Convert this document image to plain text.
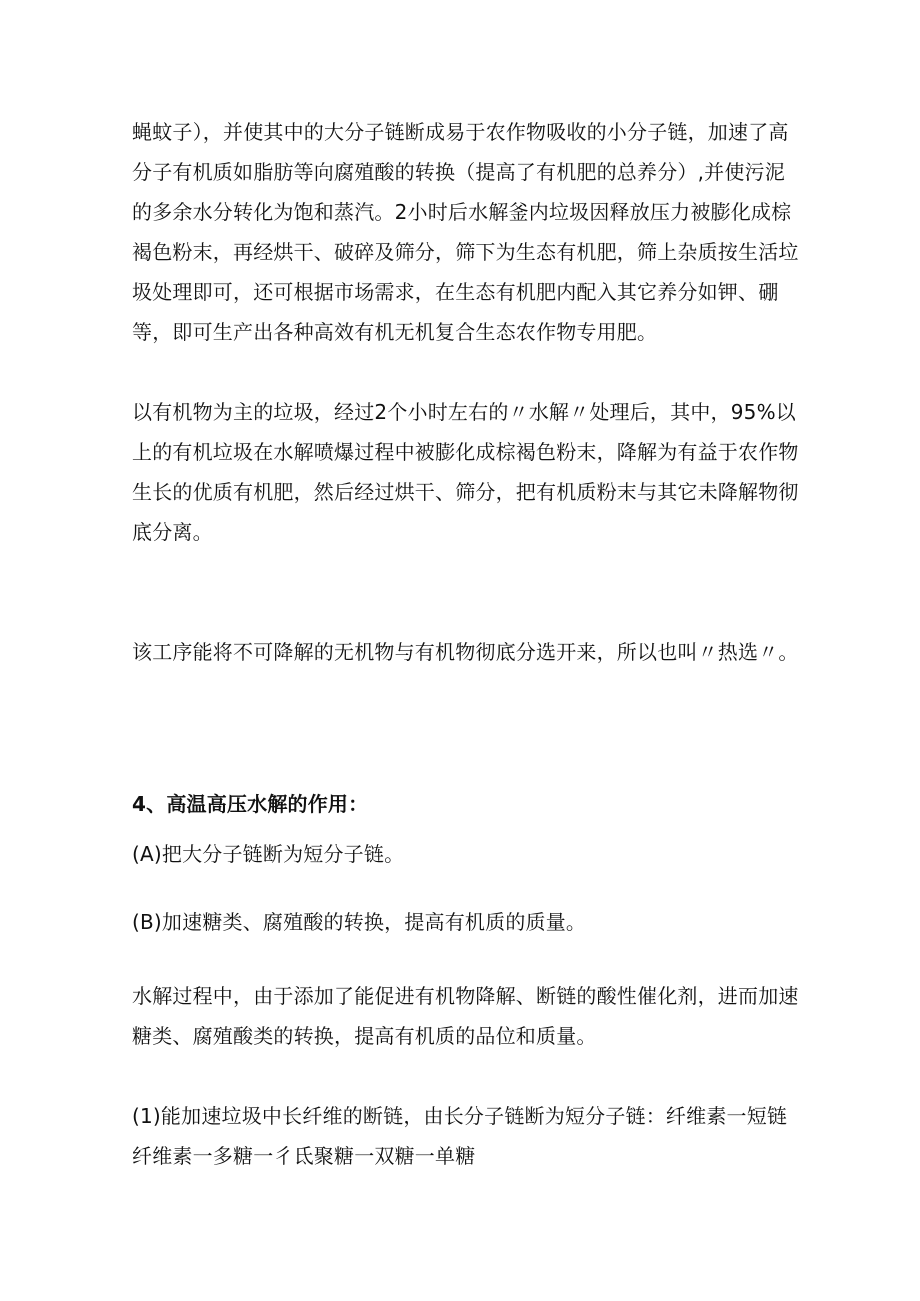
蝇蚊子），并使其中的大分子链断成易于农作物吸收的小分子链，加速了高分子有机质如脂肪等向腐殖酸的转换（提高了有机肥的总养分）,并使污泥的多余水分转化为饱和蒸汽。2小时后水解釜内垃圾因释放压力被膨化成棕褐色粉末，再经烘干、破碎及筛分，筛下为生态有机肥，筛上杂质按生活垃圾处理即可，还可根据市场需求，在生态有机肥内配入其它养分如钾、硼等，即可生产出各种高效有机无机复合生态农作物专用肥。

以有机物为主的垃圾，经过2个小时左右的〃水解〃处理后，其中，95%以上的有机垃圾在水解喷爆过程中被膨化成棕褐色粉末，降解为有益于农作物生长的优质有机肥，然后经过烘干、筛分，把有机质粉末与其它未降解物彻底分离。

该工序能将不可降解的无机物与有机物彻底分选开来，所以也叫〃热选〃。

4、高温高压水解的作用：

(A)把大分子链断为短分子链。

(B)加速糖类、腐殖酸的转换，提高有机质的质量。

水解过程中，由于添加了能促进有机物降解、断链的酸性催化剂，进而加速糖类、腐殖酸类的转换，提高有机质的品位和质量。

(1)能加速垃圾中长纤维的断链，由长分子链断为短分子链：纤维素一短链纤维素一多糖一彳氐聚糖一双糖一单糖
